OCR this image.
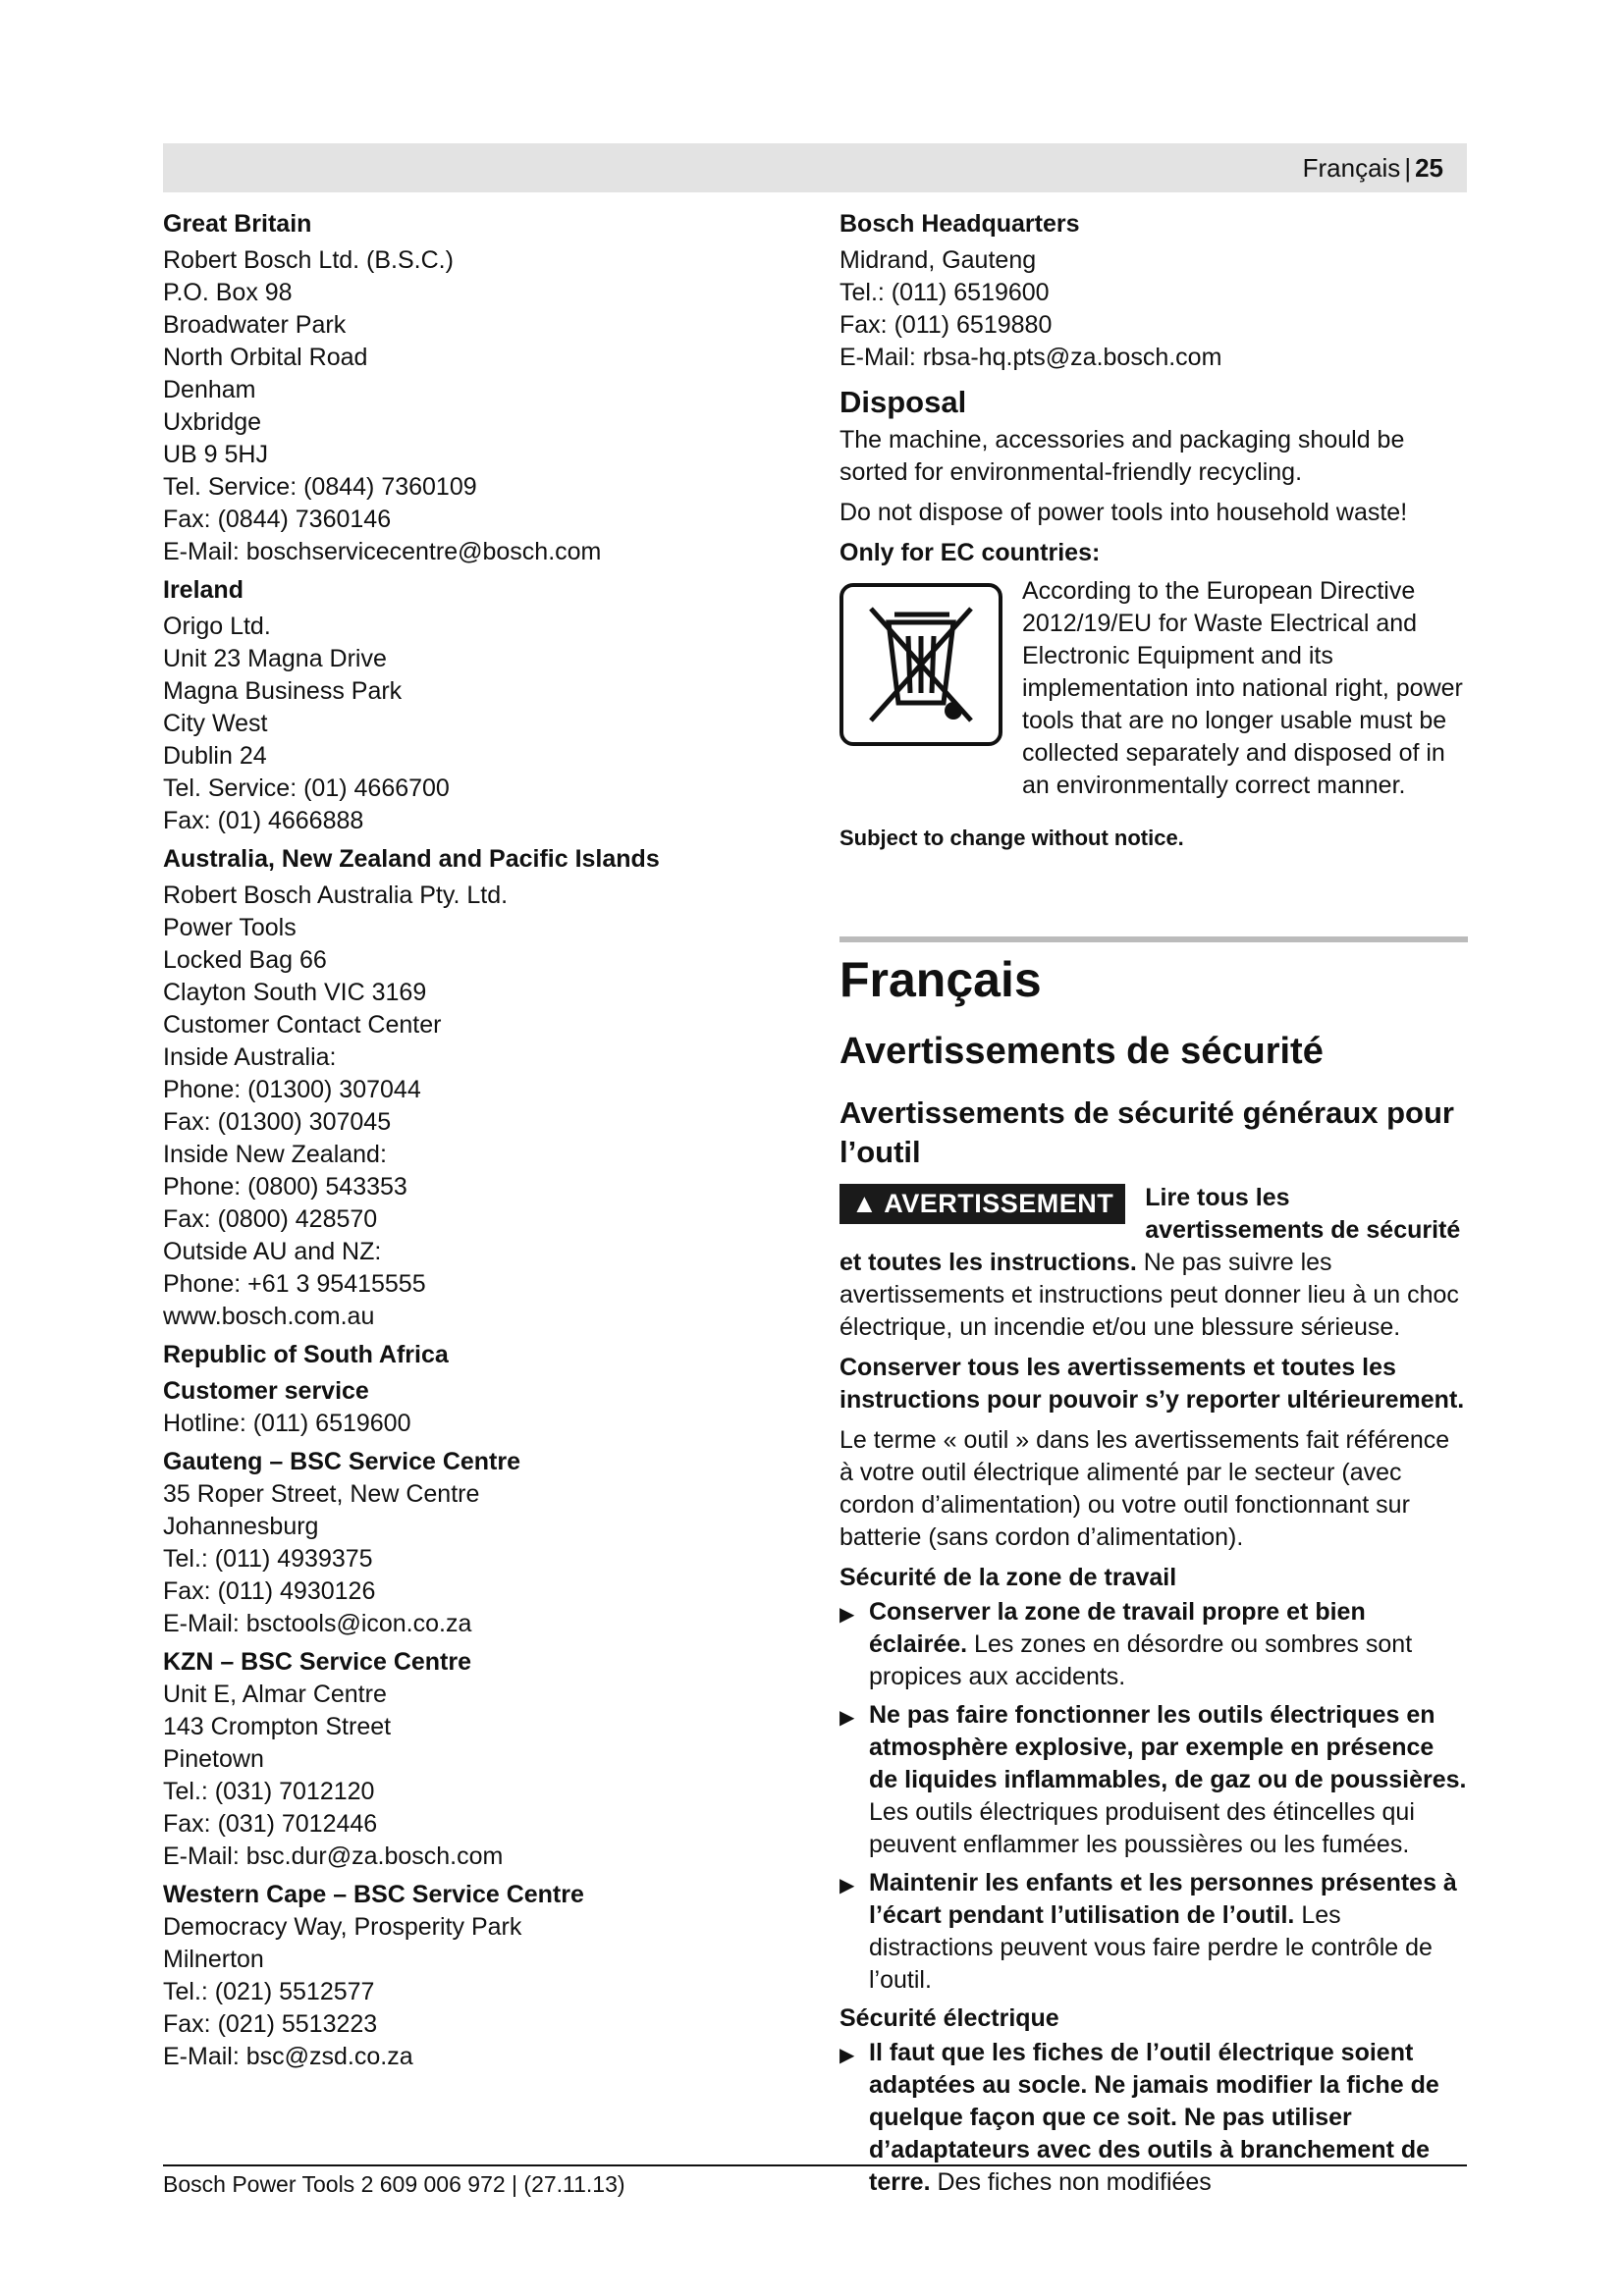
Français | 25
Great Britain
Robert Bosch Ltd. (B.S.C.)
P.O. Box 98
Broadwater Park
North Orbital Road
Denham
Uxbridge
UB 9 5HJ
Tel. Service: (0844) 7360109
Fax: (0844) 7360146
E-Mail: boschservicecentre@bosch.com
Ireland
Origo Ltd.
Unit 23 Magna Drive
Magna Business Park
City West
Dublin 24
Tel. Service: (01) 4666700
Fax: (01) 4666888
Australia, New Zealand and Pacific Islands
Robert Bosch Australia Pty. Ltd.
Power Tools
Locked Bag 66
Clayton South VIC 3169
Customer Contact Center
Inside Australia:
Phone: (01300) 307044
Fax: (01300) 307045
Inside New Zealand:
Phone: (0800) 543353
Fax: (0800) 428570
Outside AU and NZ:
Phone: +61 3 95415555
www.bosch.com.au
Republic of South Africa
Customer service
Hotline: (011) 6519600
Gauteng – BSC Service Centre
35 Roper Street, New Centre
Johannesburg
Tel.: (011) 4939375
Fax: (011) 4930126
E-Mail: bsctools@icon.co.za
KZN – BSC Service Centre
Unit E, Almar Centre
143 Crompton Street
Pinetown
Tel.: (031) 7012120
Fax: (031) 7012446
E-Mail: bsc.dur@za.bosch.com
Western Cape – BSC Service Centre
Democracy Way, Prosperity Park
Milnerton
Tel.: (021) 5512577
Fax: (021) 5513223
E-Mail: bsc@zsd.co.za
Bosch Headquarters
Midrand, Gauteng
Tel.: (011) 6519600
Fax: (011) 6519880
E-Mail: rbsa-hq.pts@za.bosch.com
Disposal
The machine, accessories and packaging should be sorted for environmental-friendly recycling.
Do not dispose of power tools into household waste!
Only for EC countries:
According to the European Directive 2012/19/EU for Waste Electrical and Electronic Equipment and its implementation into national right, power tools that are no longer usable must be collected separately and disposed of in an environmentally correct manner.
Subject to change without notice.
Français
Avertissements de sécurité
Avertissements de sécurité généraux pour l’outil
▲ AVERTISSEMENT	Lire tous les avertissements de sécurité et toutes les instructions. Ne pas suivre les avertissements et instructions peut donner lieu à un choc électrique, un incendie et/ou une blessure sérieuse.
Conserver tous les avertissements et toutes les instructions pour pouvoir s’y reporter ultérieurement.
Le terme « outil » dans les avertissements fait référence à votre outil électrique alimenté par le secteur (avec cordon d’alimentation) ou votre outil fonctionnant sur batterie (sans cordon d’alimentation).
Sécurité de la zone de travail
▶ Conserver la zone de travail propre et bien éclairée. Les zones en désordre ou sombres sont propices aux accidents.
▶ Ne pas faire fonctionner les outils électriques en atmosphère explosive, par exemple en présence de liquides inflammables, de gaz ou de poussières. Les outils électriques produisent des étincelles qui peuvent enflammer les poussières ou les fumées.
▶ Maintenir les enfants et les personnes présentes à l’écart pendant l’utilisation de l’outil. Les distractions peuvent vous faire perdre le contrôle de l’outil.
Sécurité électrique
▶ Il faut que les fiches de l’outil électrique soient adaptées au socle. Ne jamais modifier la fiche de quelque façon que ce soit. Ne pas utiliser d’adaptateurs avec des outils à branchement de terre. Des fiches non modifiées
Bosch Power Tools 2 609 006 972 | (27.11.13)
